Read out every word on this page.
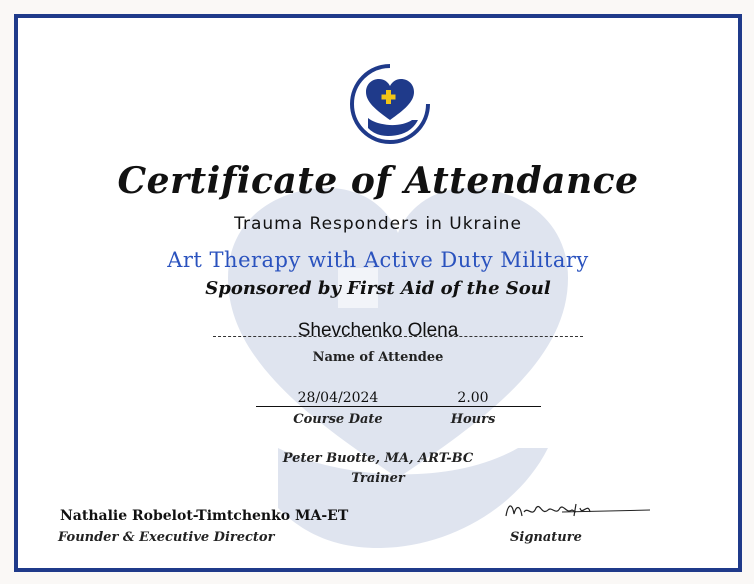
Certificate of Attendance
Trauma Responders in Ukraine
Art Therapy with Active Duty Military
Sponsored by First Aid of the Soul
Shevchenko Olena
Name of Attendee
28/04/2024	2.00
Course Date	Hours
Peter Buotte, MA, ART-BC
Trainer
Nathalie Robelot-Timtchenko MA-ET
Founder & Executive Director	Signature
